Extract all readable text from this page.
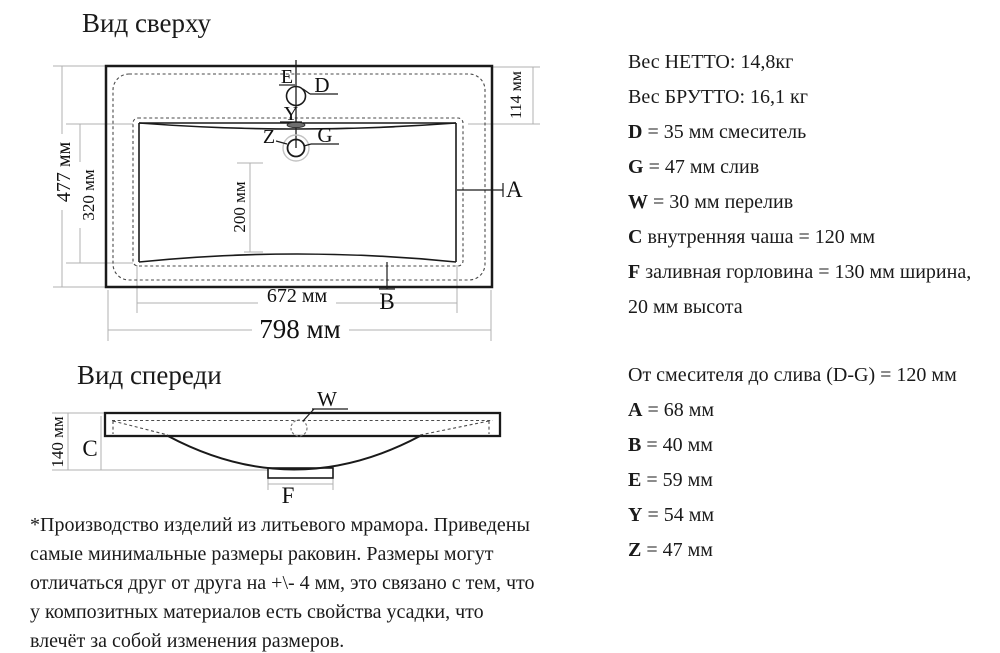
Вид сверху
Вид спереди
E D
Y
Z G
A
B
477 мм 320 мм	200 мм
114 мм
672 мм
798 мм
W
C
F
140 мм
Вес НЕТТО: 14,8кг
Вес БРУТТО: 16,1 кг
D = 35 мм смеситель
G = 47 мм слив
W = 30 мм перелив
C внутренняя чаша = 120 мм
F заливная горловина = 130 мм ширина,
20 мм высота
От смесителя до слива (D-G) = 120 мм
A = 68 мм
B = 40 мм
E = 59 мм
Y = 54 мм
Z = 47 мм
*Производство изделий из литьевого мрамора. Приведены
самые минимальные размеры раковин. Размеры могут
отличаться друг от друга на +\- 4 мм, это связано с тем, что
у композитных материалов есть свойства усадки, что
влечёт за собой изменения размеров.
